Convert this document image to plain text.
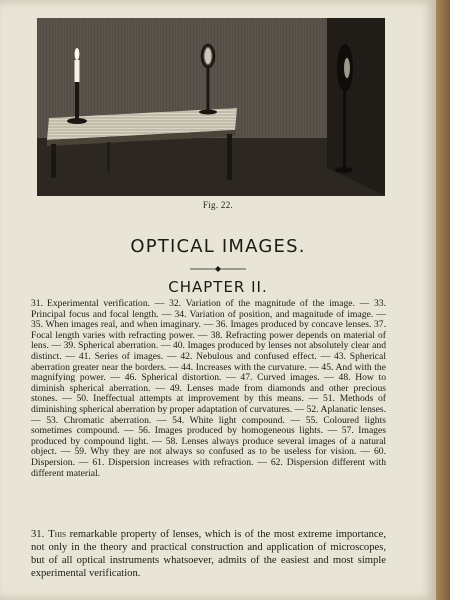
Fig. 22.
OPTICAL IMAGES.
CHAPTER II.
31. Experimental verification. — 32. Variation of the magnitude of the image. — 33. Principal focus and focal length. — 34. Variation of position, and magnitude of image. — 35. When images real, and when imaginary. — 36. Images produced by concave lenses. 37. Focal length varies with refracting power. — 38. Refracting power depends on material of lens. — 39. Spherical aberration. — 40. Images produced by lenses not absolutely clear and distinct. — 41. Series of images. — 42. Nebulous and confused effect. — 43. Spherical aberration greater near the borders. — 44. Increases with the curvature. — 45. And with the magnifying power. — 46. Spherical distortion. — 47. Curved images. — 48. How to diminish spherical aberration. — 49. Lenses made from diamonds and other precious stones. — 50. Ineffectual attempts at improvement by this means. — 51. Methods of diminishing spherical aberration by proper adaptation of curvatures. — 52. Aplanatic lenses. — 53. Chromatic aberration. — 54. White light compound. — 55. Coloured lights sometimes compound. — 56. Images produced by homogeneous lights. — 57. Images produced by compound light. — 58. Lenses always produce several images of a natural object. — 59. Why they are not always so confused as to be useless for vision. — 60. Dispersion. — 61. Dispersion increases with refraction. — 62. Dispersion different with different material.
31. This remarkable property of lenses, which is of the most extreme importance, not only in the theory and practical construction and application of microscopes, but of all optical instruments whatsoever, admits of the easiest and most simple experimental verification.
